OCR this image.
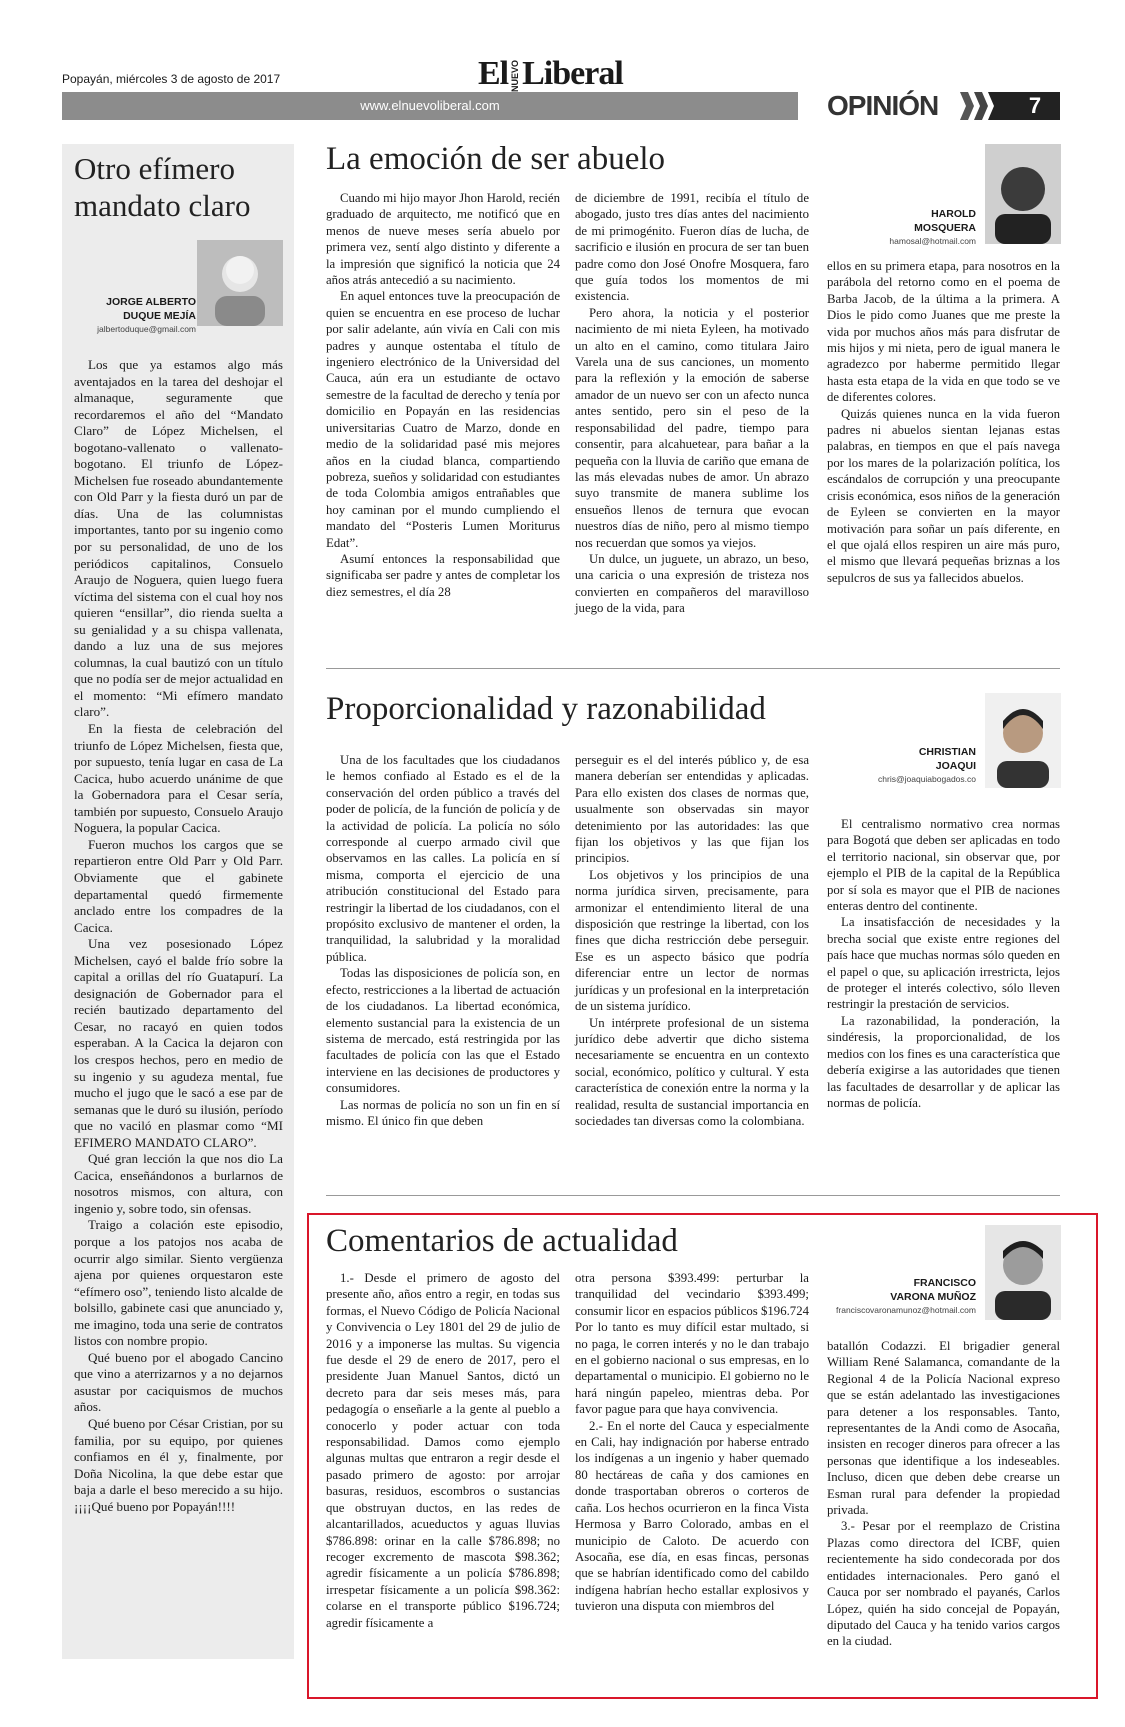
Popayán, miércoles 3 de agosto de 2017	El NUEVOLiberal
www.elnuevoliberal.com	OPINIÓN	7
Otro efímero mandato claro
JORGE ALBERTO
DUQUE MEJÍA
jalbertoduque@gmail.com

Los que ya estamos algo más aventajados en la tarea del deshojar el almanaque, seguramente que recordaremos el año del “Mandato Claro” de López Michelsen, el bogotano-vallenato o vallenato-bogotano. El triunfo de López-Michelsen fue roseado abundantemente con Old Parr y la fiesta duró un par de días. Una de las columnistas importantes, tanto por su ingenio como por su personalidad, de uno de los periódicos capitalinos, Consuelo Araujo de Noguera, quien luego fuera víctima del sistema con el cual hoy nos quieren “ensillar”, dio rienda suelta a su genialidad y a su chispa vallenata, dando a luz una de sus mejores columnas, la cual bautizó con un título que no podía ser de mejor actualidad en el momento: “Mi efímero mandato claro”.

En la fiesta de celebración del triunfo de López Michelsen, fiesta que, por supuesto, tenía lugar en casa de La Cacica, hubo acuerdo unánime de que la Gobernadora para el Cesar sería, también por supuesto, Consuelo Araujo Noguera, la popular Cacica.

Fueron muchos los cargos que se repartieron entre Old Parr y Old Parr. Obviamente que el gabinete departamental quedó firmemente anclado entre los compadres de la Cacica.

Una vez posesionado López Michelsen, cayó el balde frío sobre la capital a orillas del río Guatapurí. La designación de Gobernador para el recién bautizado departamento del Cesar, no racayó en quien todos esperaban. A la Cacica la dejaron con los crespos hechos, pero en medio de su ingenio y su agudeza mental, fue mucho el jugo que le sacó a ese par de semanas que le duró su ilusión, período que no vaciló en plasmar como “MI EFIMERO MANDATO CLARO”.

Qué gran lección la que nos dio La Cacica, enseñándonos a burlarnos de nosotros mismos, con altura, con ingenio y, sobre todo, sin ofensas.

Traigo a colación este episodio, porque a los patojos nos acaba de ocurrir algo similar. Siento vergüenza ajena por quienes orquestaron este “efímero oso”, teniendo listo alcalde de bolsillo, gabinete casi que anunciado y, me imagino, toda una serie de contratos listos con nombre propio.

Qué bueno por el abogado Cancino que vino a aterrizarnos y a no dejarnos asustar por caciquismos de muchos años.

Qué bueno por César Cristian, por su familia, por su equipo, por quienes confiamos en él y, finalmente, por Doña Nicolina, la que debe estar que baja a darle el beso merecido a su hijo. ¡¡¡¡Qué bueno por Popayán!!!!

La emoción de ser abuelo
HAROLD
MOSQUERA
hamosal@hotmail.com

Cuando mi hijo mayor Jhon Harold, recién graduado de arquitecto, me notificó que en menos de nueve meses sería abuelo por primera vez, sentí algo distinto y diferente a la impresión que significó la noticia que 24 años atrás antecedió a su nacimiento.

En aquel entonces tuve la preocupación de quien se encuentra en ese proceso de luchar por salir adelante, aún vivía en Cali con mis padres y aunque ostentaba el título de ingeniero electrónico de la Universidad del Cauca, aún era un estudiante de octavo semestre de la facultad de derecho y tenía por domicilio en Popayán en las residencias universitarias Cuatro de Marzo, donde en medio de la solidaridad pasé mis mejores años en la ciudad blanca, compartiendo pobreza, sueños y solidaridad con estudiantes de toda Colombia amigos entrañables que hoy caminan por el mundo cumpliendo el mandato del “Posteris Lumen Moriturus Edat”.

Asumí entonces la responsabilidad que significaba ser padre y antes de completar los diez semestres, el día 28

de diciembre de 1991, recibía el título de abogado, justo tres días antes del nacimiento de mi primogénito. Fueron días de lucha, de sacrificio e ilusión en procura de ser tan buen padre como don José Onofre Mosquera, faro que guía todos los momentos de mi existencia.

Pero ahora, la noticia y el posterior nacimiento de mi nieta Eyleen, ha motivado un alto en el camino, como titulara Jairo Varela una de sus canciones, un momento para la reflexión y la emoción de saberse amador de un nuevo ser con un afecto nunca antes sentido, pero sin el peso de la responsabilidad del padre, tiempo para consentir, para alcahuetear, para bañar a la pequeña con la lluvia de cariño que emana de las más elevadas nubes de amor. Un abrazo suyo transmite de manera sublime los ensueños llenos de ternura que evocan nuestros días de niño, pero al mismo tiempo nos recuerdan que somos ya viejos.

Un dulce, un juguete, un abrazo, un beso, una caricia o una expresión de tristeza nos convierten en compañeros del maravilloso juego de la vida, para

ellos en su primera etapa, para nosotros en la parábola del retorno como en el poema de Barba Jacob, de la última a la primera. A Dios le pido como Juanes que me preste la vida por muchos años más para disfrutar de mis hijos y mi nieta, pero de igual manera le agradezco por haberme permitido llegar hasta esta etapa de la vida en que todo se ve de diferentes colores.

Quizás quienes nunca en la vida fueron padres ni abuelos sientan lejanas estas palabras, en tiempos en que el país navega por los mares de la polarización política, los escándalos de corrupción y una preocupante crisis económica, esos niños de la generación de Eyleen se convierten en la mayor motivación para soñar un país diferente, en el que ojalá ellos respiren un aire más puro, el mismo que llevará pequeñas briznas a los sepulcros de sus ya fallecidos abuelos.

Proporcionalidad y razonabilidad
CHRISTIAN
JOAQUI
chris@joaquiabogados.co

Una de los facultades que los ciudadanos le hemos confiado al Estado es el de la conservación del orden público a través del poder de policía, de la función de policía y de la actividad de policía. La policía no sólo corresponde al cuerpo armado civil que observamos en las calles. La policía en sí misma, comporta el ejercicio de una atribución constitucional del Estado para restringir la libertad de los ciudadanos, con el propósito exclusivo de mantener el orden, la tranquilidad, la salubridad y la moralidad pública.

Todas las disposiciones de policía son, en efecto, restricciones a la libertad de actuación de los ciudadanos. La libertad económica, elemento sustancial para la existencia de un sistema de mercado, está restringida por las facultades de policía con las que el Estado interviene en las decisiones de productores y consumidores.

Las normas de policía no son un fin en sí mismo. El único fin que deben

perseguir es el del interés público y, de esa manera deberían ser entendidas y aplicadas. Para ello existen dos clases de normas que, usualmente son observadas sin mayor detenimiento por las autoridades: las que fijan los objetivos y las que fijan los principios.

Los objetivos y los principios de una norma jurídica sirven, precisamente, para armonizar el entendimiento literal de una disposición que restringe la libertad, con los fines que dicha restricción debe perseguir. Ese es un aspecto básico que podría diferenciar entre un lector de normas jurídicas y un profesional en la interpretación de un sistema jurídico.

Un intérprete profesional de un sistema jurídico debe advertir que dicho sistema necesariamente se encuentra en un contexto social, económico, político y cultural. Y esta característica de conexión entre la norma y la realidad, resulta de sustancial importancia en sociedades tan diversas como la colombiana.

El centralismo normativo crea normas para Bogotá que deben ser aplicadas en todo el territorio nacional, sin observar que, por ejemplo el PIB de la capital de la República por sí sola es mayor que el PIB de naciones enteras dentro del continente.

La insatisfacción de necesidades y la brecha social que existe entre regiones del país hace que muchas normas sólo queden en el papel o que, su aplicación irrestricta, lejos de proteger el interés colectivo, sólo lleven restringir la prestación de servicios.

La razonabilidad, la ponderación, la sindéresis, la proporcionalidad, de los medios con los fines es una característica que debería exigirse a las autoridades que tienen las facultades de desarrollar y de aplicar las normas de policía.

Comentarios de actualidad
FRANCISCO
VARONA MUÑOZ
franciscovaronamunoz@hotmail.com

1.- Desde el primero de agosto del presente año, años entro a regir, en todas sus formas, el Nuevo Código de Policía Nacional y Convivencia o Ley 1801 del 29 de julio de 2016 y a imponerse las multas. Su vigencia fue desde el 29 de enero de 2017, pero el presidente Juan Manuel Santos, dictó un decreto para dar seis meses más, para pedagogía o enseñarle a la gente al pueblo a conocerlo y poder actuar con toda responsabilidad. Damos como ejemplo algunas multas que entraron a regir desde el pasado primero de agosto: por arrojar basuras, residuos, escombros o sustancias que obstruyan ductos, en las redes de alcantarillados, acueductos y aguas lluvias $786.898: orinar en la calle $786.898; no recoger excremento de mascota $98.362; agredir físicamente a un policía $786.898; irrespetar físicamente a un policía $98.362: colarse en el transporte público $196.724; agredir físicamente a

otra persona $393.499: perturbar la tranquilidad del vecindario $393.499; consumir licor en espacios públicos $196.724 Por lo tanto es muy difícil estar multado, si no paga, le corren interés y no le dan trabajo en el gobierno nacional o sus empresas, en lo departamental o municipio. El gobierno no le hará ningún papeleo, mientras deba. Por favor pague para que haya convivencia.

2.- En el norte del Cauca y especialmente en Cali, hay indignación por haberse entrado los indígenas a un ingenio y haber quemado 80 hectáreas de caña y dos camiones en donde trasportaban obreros o corteros de caña. Los hechos ocurrieron en la finca Vista Hermosa y Barro Colorado, ambas en el municipio de Caloto. De acuerdo con Asocaña, ese día, en esas fincas, personas que se habrían identificado como del cabildo indígena habrían hecho estallar explosivos y tuvieron una disputa con miembros del

batallón Codazzi. El brigadier general William René Salamanca, comandante de la Regional 4 de la Policía Nacional expreso que se están adelantado las investigaciones para detener a los responsables. Tanto, representantes de la Andi como de Asocaña, insisten en recoger dineros para ofrecer a las personas que identifique a los indeseables. Incluso, dicen que deben debe crearse un Esman rural para defender la propiedad privada.

3.- Pesar por el reemplazo de Cristina Plazas como directora del ICBF, quien recientemente ha sido condecorada por dos entidades internacionales. Pero ganó el Cauca por ser nombrado el payanés, Carlos López, quién ha sido concejal de Popayán, diputado del Cauca y ha tenido varios cargos en la ciudad.
